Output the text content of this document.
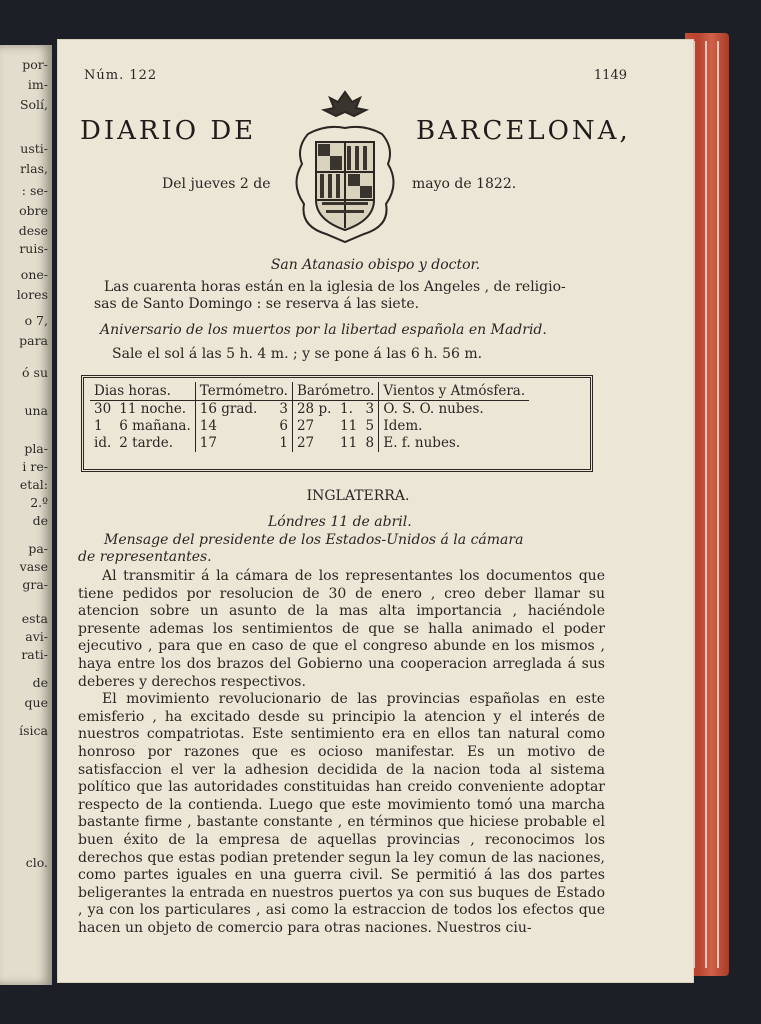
por-
im-
Solí,
usti-
rlas,
: se-
obre
dese
ruis-
one-
lores
o 7,
para
ó su
una
pla-
i re-
etal:
2.º
de
pa-
vase
gra-
esta
avi-
rati-
de
que
ísica
clo.
Núm. 122	1149
DIARIO DE	BARCELONA,
Del jueves 2 de	mayo de 1822.
San Atanasio obispo y doctor.
Las cuarenta horas están en la iglesia de los Angeles , de religio-
sas de Santo Domingo : se reserva á las siete.
Aniversario de los muertos por la libertad española en Madrid.
Sale el sol á las 5 h. 4 m. ; y se pone á las 6 h. 56 m.
Dias horas.		Termómetro.		Barómetro.			Vientos y Atmósfera.
30	11 noche.	16 grad.	3	28 p.	1.	3	O. S. O. nubes.
1	6 mañana.	14	6	27	11	5	Idem.
id.	2 tarde.	17	1	27	11	8	E. f. nubes.
INGLATERRA.
Lóndres 11 de abril.
Mensage del presidente de los Estados-Unidos á la cámara
de representantes.

Al transmitir á la cámara de los representantes los documentos que tiene pedidos por resolucion de 30 de enero , creo deber llamar su atencion sobre un asunto de la mas alta importancia , haciéndole presente ademas los sentimientos de que se halla animado el poder ejecutivo , para que en caso de que el congreso abunde en los mismos , haya entre los dos brazos del Gobierno una cooperacion arreglada á sus deberes y derechos respectivos.

El movimiento revolucionario de las provincias españolas en este emisferio , ha excitado desde su principio la atencion y el interés de nuestros compatriotas. Este sentimiento era en ellos tan natural como honroso por razones que es ocioso manifestar. Es un motivo de satisfaccion el ver la adhesion decidida de la nacion toda al sistema político que las autoridades constituidas han creido conveniente adoptar respecto de la contienda. Luego que este movimiento tomó una marcha bastante firme , bastante constante , en términos que hiciese probable el buen éxito de la empresa de aquellas provincias , reconocimos los derechos que estas podian pretender segun la ley comun de las naciones, como partes iguales en una guerra civil. Se permitió á las dos partes beligerantes la entrada en nuestros puertos ya con sus buques de Estado , ya con los particulares , asi como la estraccion de todos los efectos que hacen un objeto de comercio para otras naciones. Nuestros ciu-
